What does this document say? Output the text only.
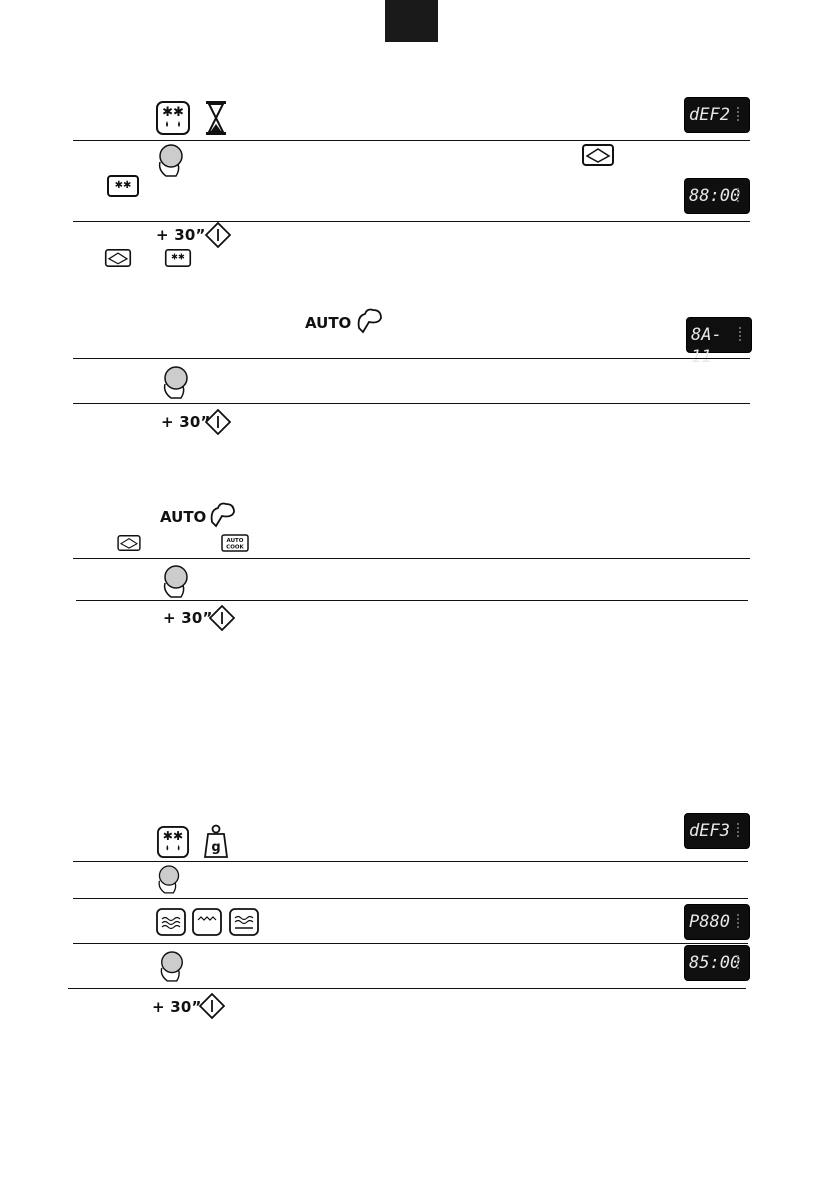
✱✱	dEF2
✱✱
88:00
+ 30”
✱✱
AUTO
8A-11
+ 30”
AUTO
AUTO
COOK
+ 30”
✱✱
g
dEF3
P880
85:00
+ 30”
